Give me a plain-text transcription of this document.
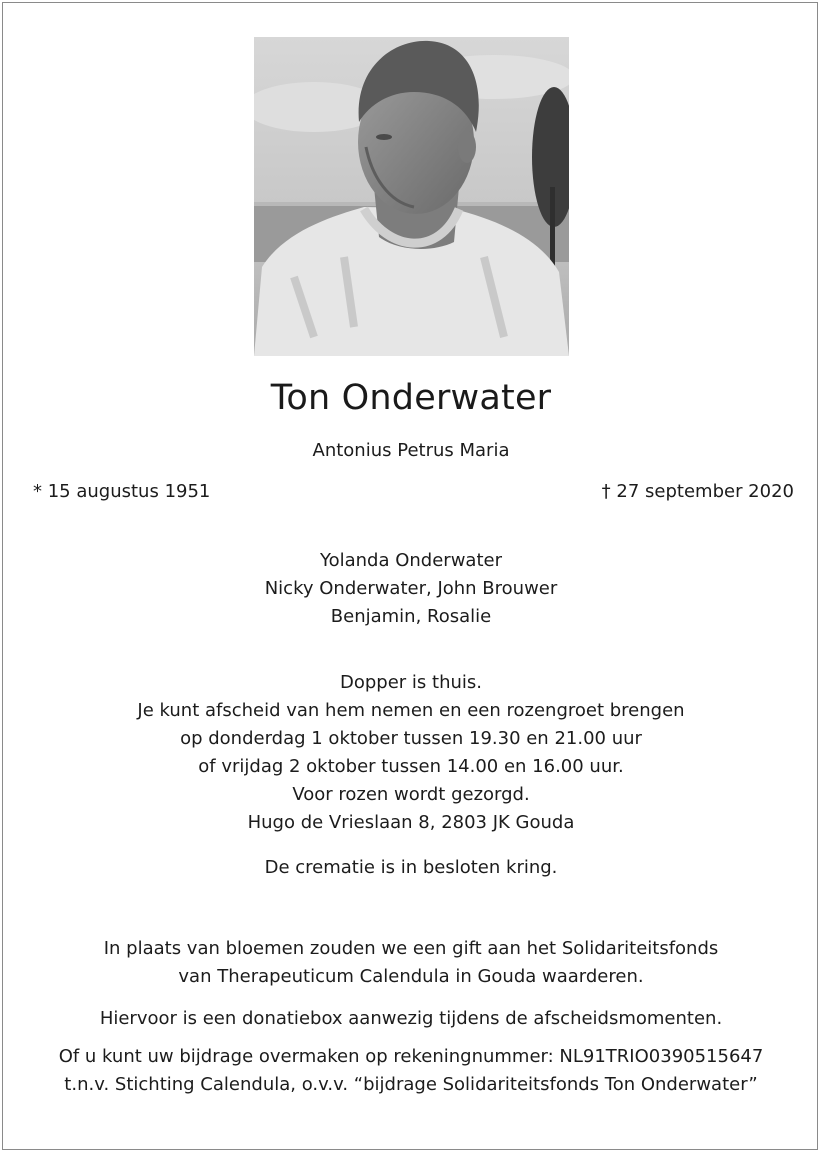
Ton Onderwater
Antonius Petrus Maria
* 15 augustus 1951	† 27 september 2020
Yolanda Onderwater
Nicky Onderwater, John Brouwer
Benjamin, Rosalie
Dopper is thuis.
Je kunt afscheid van hem nemen en een rozengroet brengen
op donderdag 1 oktober tussen 19.30 en 21.00 uur
of vrijdag 2 oktober tussen 14.00 en 16.00 uur.
Voor rozen wordt gezorgd.
Hugo de Vrieslaan 8, 2803 JK Gouda
De crematie is in besloten kring.
In plaats van bloemen zouden we een gift aan het Solidariteitsfonds
van Therapeuticum Calendula in Gouda waarderen.
Hiervoor is een donatiebox aanwezig tijdens de afscheidsmomenten.
Of u kunt uw bijdrage overmaken op rekeningnummer: NL91TRIO0390515647
t.n.v. Stichting Calendula, o.v.v. “bijdrage Solidariteitsfonds Ton Onderwater”
